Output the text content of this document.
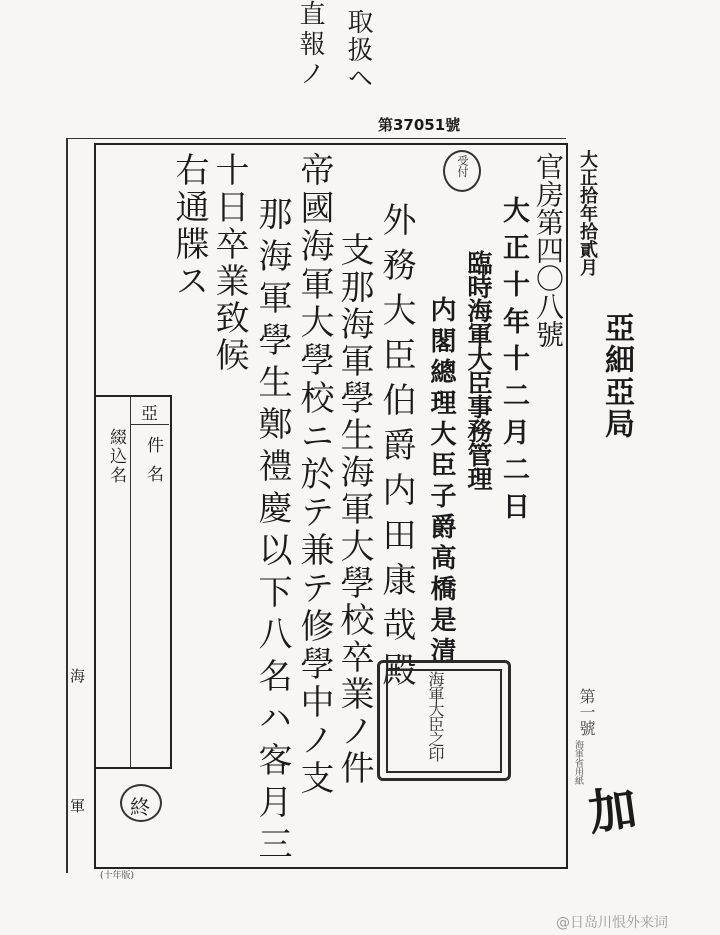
取扱ヘ
直報ノ
第37051號
受付 官房第四〇八號 大正拾年拾貳月
亞細亞局
大正十年十二月二日
臨時海軍大臣事務管理
内閣總理大臣子爵高橋是清
外務大臣伯爵内田康哉殿
支那海軍學生海軍大學校卒業ノ件
帝國海軍大學校ニ於テ兼テ修學中ノ支
那海軍學生鄭禮慶以下八名ハ客月三
右通牒ス
亞
件名
綴込名
海
軍 終
海軍大臣之印	第一號
海軍省用紙
(十年版)
加
@日岛川恨外来词
十日卒業致候
